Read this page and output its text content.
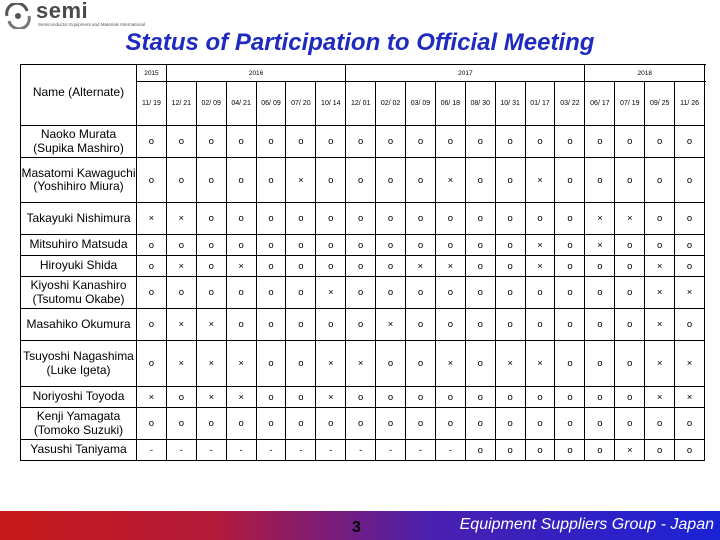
semi
Semiconductor Equipment and Materials International
Status of Participation to Official Meeting
Name (Alternate)	2015	2016						2017								2018			
	11/ 19	12/ 21	02/ 09	04/ 21	06/ 09	07/ 20	10/ 14	12/ 01	02/ 02	03/ 09	06/ 18	08/ 30	10/ 31	01/ 17	03/ 22	06/ 17	07/ 19	09/ 25	11/ 26
Naoko Murata (Supika Mashiro)	o	o	o	o	o	o	o	o	o	o	o	o	o	o	o	o	o	o	o
Masatomi Kawaguchi (Yoshihiro Miura)	o	o	o	o	o	×	o	o	o	o	×	o	o	×	o	o	o	o	o
Takayuki Nishimura	×	×	o	o	o	o	o	o	o	o	o	o	o	o	o	×	×	o	o
Mitsuhiro Matsuda	o	o	o	o	o	o	o	o	o	o	o	o	o	×	o	×	o	o	o
Hiroyuki Shida	o	×	o	×	o	o	o	o	o	×	×	o	o	×	o	o	o	×	o
Kiyoshi Kanashiro (Tsutomu Okabe)	o	o	o	o	o	o	×	o	o	o	o	o	o	o	o	o	o	×	×
Masahiko Okumura	o	×	×	o	o	o	o	o	×	o	o	o	o	o	o	o	o	×	o
Tsuyoshi Nagashima (Luke Igeta)	o	×	×	×	o	o	×	×	o	o	×	o	×	×	o	o	o	×	×
Noriyoshi Toyoda	×	o	×	×	o	o	×	o	o	o	o	o	o	o	o	o	o	×	×
Kenji Yamagata (Tomoko Suzuki)	o	o	o	o	o	o	o	o	o	o	o	o	o	o	o	o	o	o	o
Yasushi Taniyama	-	-	-	-	-	-	-	-	-	-	-	o	o	o	o	o	×	o	o
3	Equipment Suppliers Group - Japan
